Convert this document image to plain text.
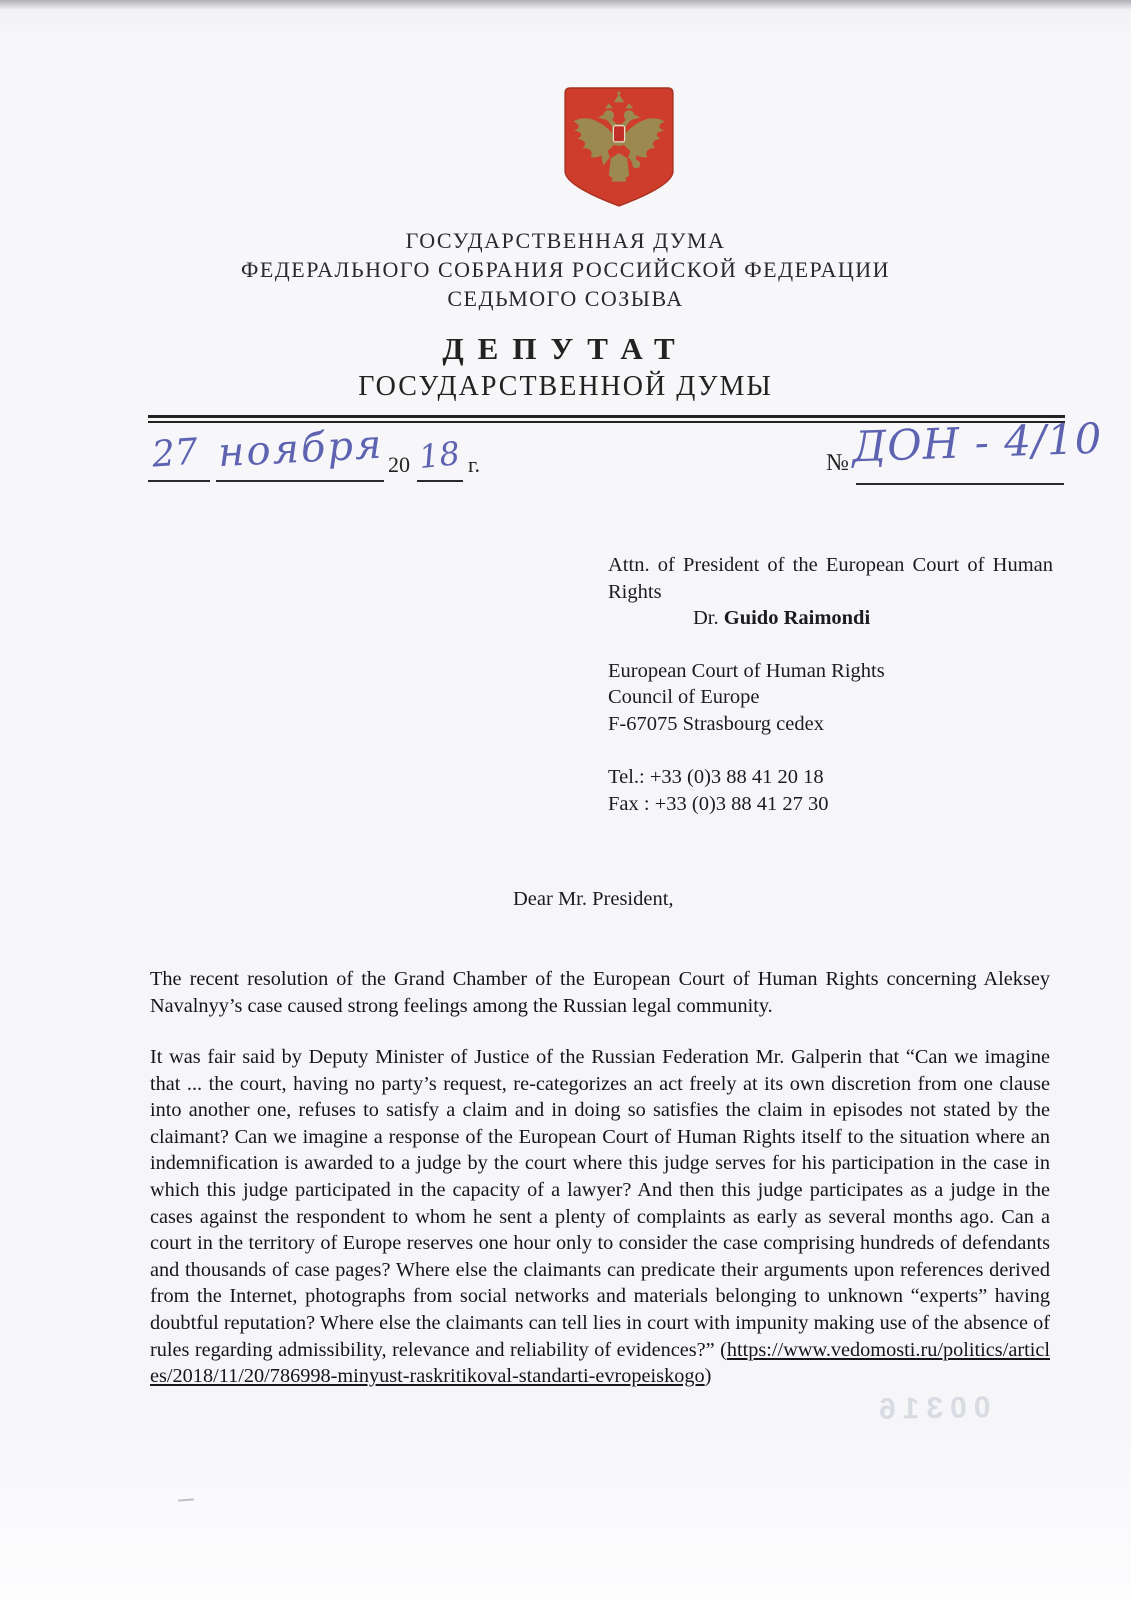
ГОСУДАРСТВЕННАЯ ДУМА
ФЕДЕРАЛЬНОГО СОБРАНИЯ РОССИЙСКОЙ ФЕДЕРАЦИИ
СЕДЬМОГО СОЗЫВА
ДЕПУТАТ
ГОСУДАРСТВЕННОЙ ДУМЫ
27 ноября 20 18 г.	№ ДОН - 4/10
Attn. of President of the European Court of Human Rights
Dr. Guido Raimondi
European Court of Human Rights
Council of Europe
F-67075 Strasbourg cedex
Tel.: +33 (0)3 88 41 20 18
Fax : +33 (0)3 88 41 27 30
Dear Mr. President,
The recent resolution of the Grand Chamber of the European Court of Human Rights concerning Aleksey Navalnyy’s case caused strong feelings among the Russian legal community.
It was fair said by Deputy Minister of Justice of the Russian Federation Mr. Galperin that “Can we imagine that ... the court, having no party’s request, re-categorizes an act freely at its own discretion from one clause into another one, refuses to satisfy a claim and in doing so satisfies the claim in episodes not stated by the claimant? Can we imagine a response of the European Court of Human Rights itself to the situation where an indemnification is awarded to a judge by the court where this judge serves for his participation in the case in which this judge participated in the capacity of a lawyer? And then this judge participates as a judge in the cases against the respondent to whom he sent a plenty of complaints as early as several months ago. Can a court in the territory of Europe reserves one hour only to consider the case comprising hundreds of defendants and thousands of case pages? Where else the claimants can predicate their arguments upon references derived from the Internet, photographs from social networks and materials belonging to unknown “experts” having doubtful reputation? Where else the claimants can tell lies in court with impunity making use of the absence of rules regarding admissibility, relevance and reliability of evidences?” (https://www.vedomosti.ru/politics/articles/2018/11/20/786998-minyust-raskritikoval-standarti-evropeiskogo)
00316
